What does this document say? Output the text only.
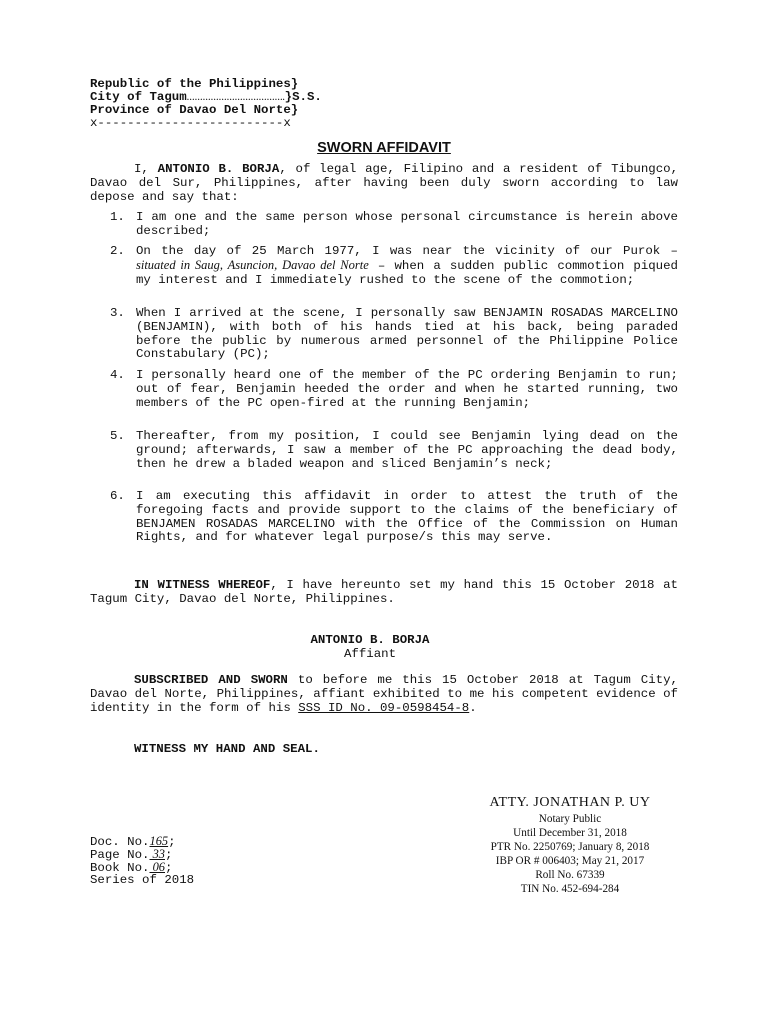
Republic of the Philippines}
City of Tagum……………………………….}S.S.
Province of Davao Del Norte}
x-------------------------x
SWORN AFFIDAVIT
I, ANTONIO B. BORJA, of legal age, Filipino and a resident of Tibungco, Davao del Sur, Philippines, after having been duly sworn according to law depose and say that:
1. I am one and the same person whose personal circumstance is herein above described;
2. On the day of 25 March 1977, I was near the vicinity of our Purok – situated in Saug, Asuncion, Davao del Norte – when a sudden public commotion piqued my interest and I immediately rushed to the scene of the commotion;
3. When I arrived at the scene, I personally saw BENJAMIN ROSADAS MARCELINO (BENJAMIN), with both of his hands tied at his back, being paraded before the public by numerous armed personnel of the Philippine Police Constabulary (PC);
4. I personally heard one of the member of the PC ordering Benjamin to run; out of fear, Benjamin heeded the order and when he started running, two members of the PC open-fired at the running Benjamin;
5. Thereafter, from my position, I could see Benjamin lying dead on the ground; afterwards, I saw a member of the PC approaching the dead body, then he drew a bladed weapon and sliced Benjamin’s neck;
6. I am executing this affidavit in order to attest the truth of the foregoing facts and provide support to the claims of the beneficiary of BENJAMEN ROSADAS MARCELINO with the Office of the Commission on Human Rights, and for whatever legal purpose/s this may serve.
IN WITNESS WHEREOF, I have hereunto set my hand this 15 October 2018 at Tagum City, Davao del Norte, Philippines.
ANTONIO B. BORJA
Affiant
SUBSCRIBED AND SWORN to before me this 15 October 2018 at Tagum City, Davao del Norte, Philippines, affiant exhibited to me his competent evidence of identity in the form of his SSS ID No. 09-0598454-8.
WITNESS MY HAND AND SEAL.
ATTY. JONATHAN P. UY
Notary Public
Until December 31, 2018
PTR No. 2250769; January 8, 2018
IBP OR # 006403; May 21, 2017
Roll No. 67339
TIN No. 452-694-284
Doc. No.165;
Page No. 33;
Book No. 06;
Series of 2018
